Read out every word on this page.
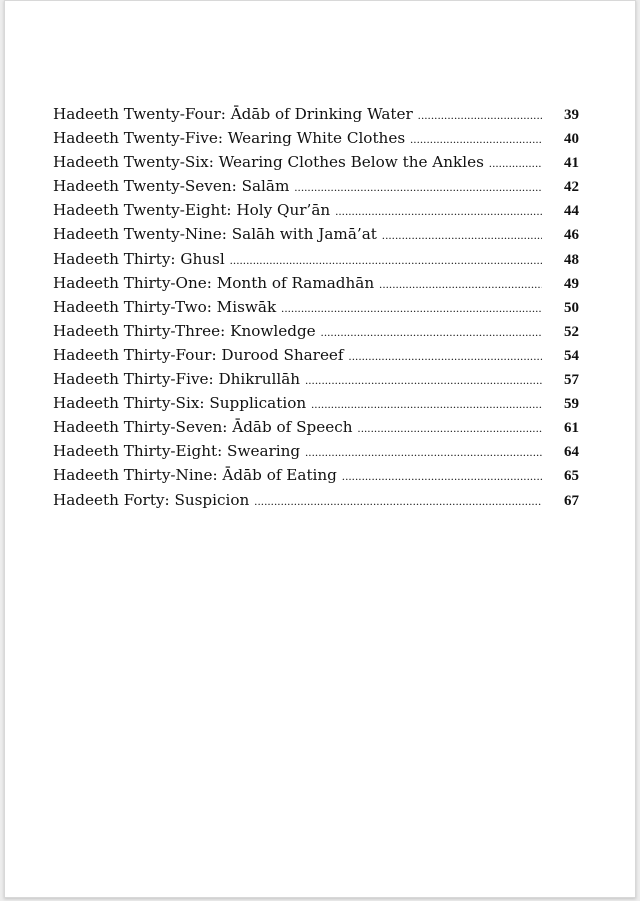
Hadeeth Twenty-Four: Ādāb of Drinking Water .....	39
Hadeeth Twenty-Five: Wearing White Clothes .....	40
Hadeeth Twenty-Six: Wearing Clothes Below the Ankles .....	41
Hadeeth Twenty-Seven: Salām .....	42
Hadeeth Twenty-Eight: Holy Qur’ān .....	44
Hadeeth Twenty-Nine: Salāh with Jamā’at .....	46
Hadeeth Thirty: Ghusl .....	48
Hadeeth Thirty-One: Month of Ramadhān .....	49
Hadeeth Thirty-Two: Miswāk .....	50
Hadeeth Thirty-Three: Knowledge .....	52
Hadeeth Thirty-Four: Durood Shareef .....	54
Hadeeth Thirty-Five: Dhikrullāh .....	57
Hadeeth Thirty-Six: Supplication .....	59
Hadeeth Thirty-Seven: Ādāb of Speech .....	61
Hadeeth Thirty-Eight: Swearing .....	64
Hadeeth Thirty-Nine: Ādāb of Eating .....	65
Hadeeth Forty: Suspicion .....	67
